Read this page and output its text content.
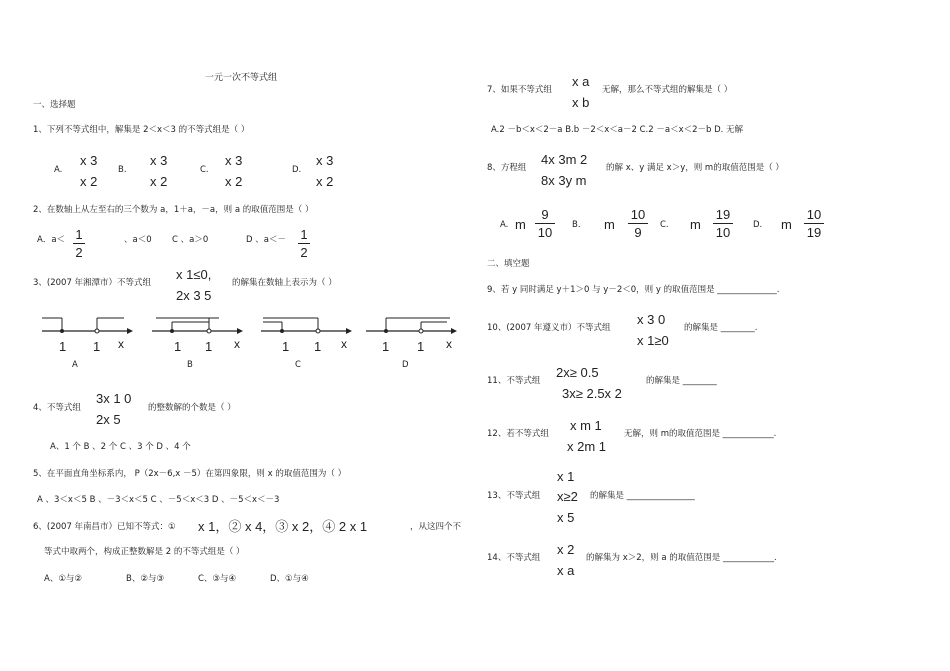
一元一次不等式组
一、选择题
1、下列不等式组中，解集是 2＜x＜3 的不等式组是（ ）
A.
x 3
x 2
B.
x 3
x 2
C.
x 3
x 2
D.
x 3
x 2
2、在数轴上从左至右的三个数为 a，1＋a，－a，则 a 的取值范围是（ ）
A．a＜ 1
2
、a＜0 C 、a＞0	D 、a＜－ 1
2
3、(2007 年湘潭市）不等式组
x 1≤0,
2x 3 5
的解集在数轴上表示为（ ）
1 1 x	1 1 x	1 1 x	1 1 x
A	B	C	D
4、不等式组
3x 1 0
2x 5
的整数解的个数是（ ）
A、1 个 B 、2 个 C 、3 个 D 、4 个
5、在平面直角坐标系内， P（2x－6,x －5）在第四象限，则 x 的取值范围为（ ）
A 、3＜x＜5 B 、－3＜x＜5 C 、－5＜x＜3 D 、－5＜x＜－3
6、(2007 年南昌市）已知不等式：① x 1，② x 4，③ x 2，④ 2 x 1	，从这四个不
等式中取两个，构成正整数解是 2 的不等式组是（ ）
A、①与②	B、②与③	C、③与④	D、①与④
7、如果不等式组
x a
x b
无解，那么不等式组的解集是（ ）
A.2 －b＜x＜2－a B.b －2＜x＜a－2 C.2 －a＜x＜2－b D. 无解
8、方程组
4x 3m 2
8x 3y m
的解 x、y 满足 x＞y，则 m的取值范围是（ ）
A. m
9
10	B. m
10
9	C. m
19
10	D. m
10
19
二、填空题
9、若 y 同时满足 y＋1＞0 与 y－2＜0，则 y 的取值范围是 ______________.
10、(2007 年遵义市）不等式组
x 3 0
x 1≥0
的解集是 ________.
11、不等式组
2x≥ 0.5
3x≥ 2.5x 2
的解集是 ________
12、若不等式组
x m 1
x 2m 1
无解，则 m的取值范围是 ____________.
13、不等式组
x 1
x≥2
x 5
的解集是 ________________
14、不等式组
x 2
x a
的解集为 x＞2，则 a 的取值范围是 ____________.
